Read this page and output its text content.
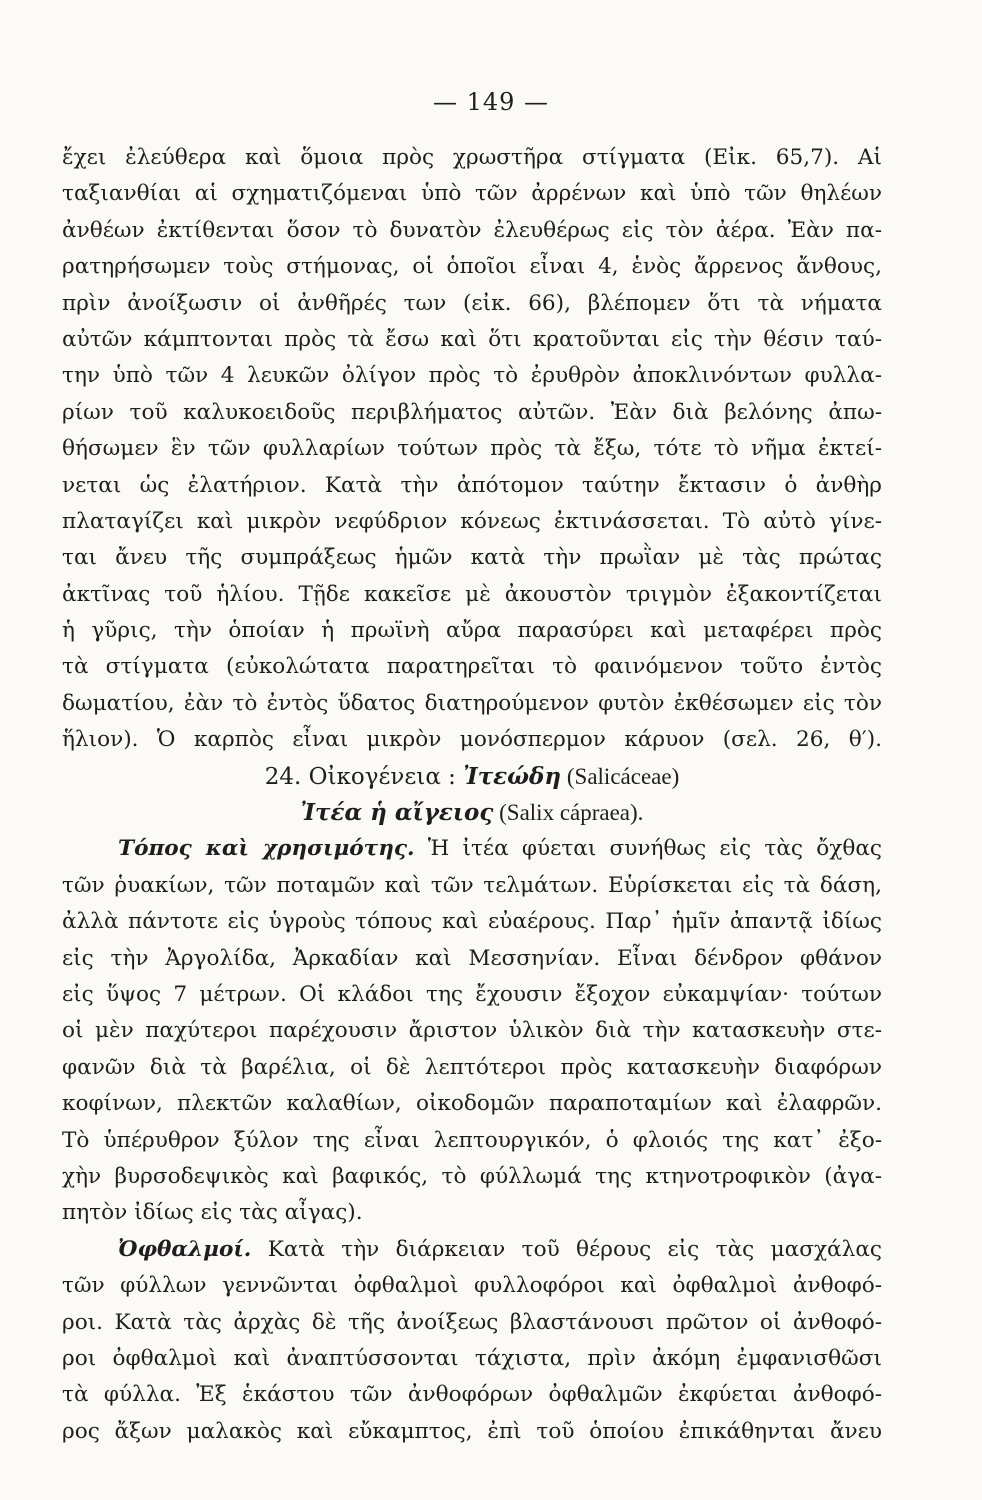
— 149 —
ἔχει ἐλεύθερα καὶ ὅμοια πρὸς χρωστῆρα στίγματα (Εἰκ. 65,7). Αἱ
ταξιανθίαι αἱ σχηματιζόμεναι ὑπὸ τῶν ἀρρένων καὶ ὑπὸ τῶν θηλέων
ἀνθέων ἐκτίθενται ὅσον τὸ δυνατὸν ἐλευθέρως εἰς τὸν ἀέρα. Ἐὰν πα-
ρατηρήσωμεν τοὺς στήμονας, οἱ ὁποῖοι εἶναι 4, ἑνὸς ἄρρενος ἄνθους,
πρὶν ἀνοίξωσιν οἱ ἀνθῆρές των (εἰκ. 66), βλέπομεν ὅτι τὰ νήματα
αὐτῶν κάμπτονται πρὸς τὰ ἔσω καὶ ὅτι κρατοῦνται εἰς τὴν θέσιν ταύ-
την ὑπὸ τῶν 4 λευκῶν ὀλίγον πρὸς τὸ ἐρυθρὸν ἀποκλινόντων φυλλα-
ρίων τοῦ καλυκοειδοῦς περιβλήματος αὐτῶν. Ἐὰν διὰ βελόνης ἀπω-
θήσωμεν ἓν τῶν φυλλαρίων τούτων πρὸς τὰ ἔξω, τότε τὸ νῆμα ἐκτεί-
νεται ὡς ἐλατήριον. Κατὰ τὴν ἀπότομον ταύτην ἔκτασιν ὁ ἀνθὴρ
πλαταγίζει καὶ μικρὸν νεφύδριον κόνεως ἐκτινάσσεται. Τὸ αὐτὸ γίνε-
ται ἄνευ τῆς συμπράξεως ἡμῶν κατὰ τὴν πρωῒαν μὲ τὰς πρώτας
ἀκτῖνας τοῦ ἡλίου. Τῇδε κακεῖσε μὲ ἀκουστὸν τριγμὸν ἐξακοντίζεται
ἡ γῦρις, τὴν ὁποίαν ἡ πρωϊνὴ αὔρα παρασύρει καὶ μεταφέρει πρὸς
τὰ στίγματα (εὐκολώτατα παρατηρεῖται τὸ φαινόμενον τοῦτο ἐντὸς
δωματίου, ἐὰν τὸ ἐντὸς ὕδατος διατηρούμενον φυτὸν ἐκθέσωμεν εἰς τὸν
ἥλιον). Ὁ καρπὸς εἶναι μικρὸν μονόσπερμον κάρυον (σελ. 26, θ′).
24. Οἰκογένεια : Ἰτεώδη (Salicáceae)
Ἰτέα ἡ αἴγειος (Salix cápraea).
Τόπος καὶ χρησιμότης. Ἡ ἰτέα φύεται συνήθως εἰς τὰς ὄχθας
τῶν ῥυακίων, τῶν ποταμῶν καὶ τῶν τελμάτων. Εὑρίσκεται εἰς τὰ δάση,
ἀλλὰ πάντοτε εἰς ὑγροὺς τόπους καὶ εὐαέρους. Παρ᾽ ἡμῖν ἀπαντᾷ ἰδίως
εἰς τὴν Ἀργολίδα, Ἀρκαδίαν καὶ Μεσσηνίαν. Εἶναι δένδρον φθάνον
εἰς ὕψος 7 μέτρων. Οἱ κλάδοι της ἔχουσιν ἔξοχον εὐκαμψίαν· τούτων
οἱ μὲν παχύτεροι παρέχουσιν ἄριστον ὑλικὸν διὰ τὴν κατασκευὴν στε-
φανῶν διὰ τὰ βαρέλια, οἱ δὲ λεπτότεροι πρὸς κατασκευὴν διαφόρων
κοφίνων, πλεκτῶν καλαθίων, οἰκοδομῶν παραποταμίων καὶ ἐλαφρῶν.
Τὸ ὑπέρυθρον ξύλον της εἶναι λεπτουργικόν, ὁ φλοιός της κατ᾽ ἐξο-
χὴν βυρσοδεψικὸς καὶ βαφικός, τὸ φύλλωμά της κτηνοτροφικὸν (ἀγα-
πητὸν ἰδίως εἰς τὰς αἶγας).
Ὀφθαλμοί. Κατὰ τὴν διάρκειαν τοῦ θέρους εἰς τὰς μασχάλας
τῶν φύλλων γεννῶνται ὀφθαλμοὶ φυλλοφόροι καὶ ὀφθαλμοὶ ἀνθοφό-
ροι. Κατὰ τὰς ἀρχὰς δὲ τῆς ἀνοίξεως βλαστάνουσι πρῶτον οἱ ἀνθοφό-
ροι ὀφθαλμοὶ καὶ ἀναπτύσσονται τάχιστα, πρὶν ἀκόμη ἐμφανισθῶσι
τὰ φύλλα. Ἐξ ἑκάστου τῶν ἀνθοφόρων ὀφθαλμῶν ἐκφύεται ἀνθοφό-
ρος ἄξων μαλακὸς καὶ εὔκαμπτος, ἐπὶ τοῦ ὁποίου ἐπικάθηνται ἄνευ
